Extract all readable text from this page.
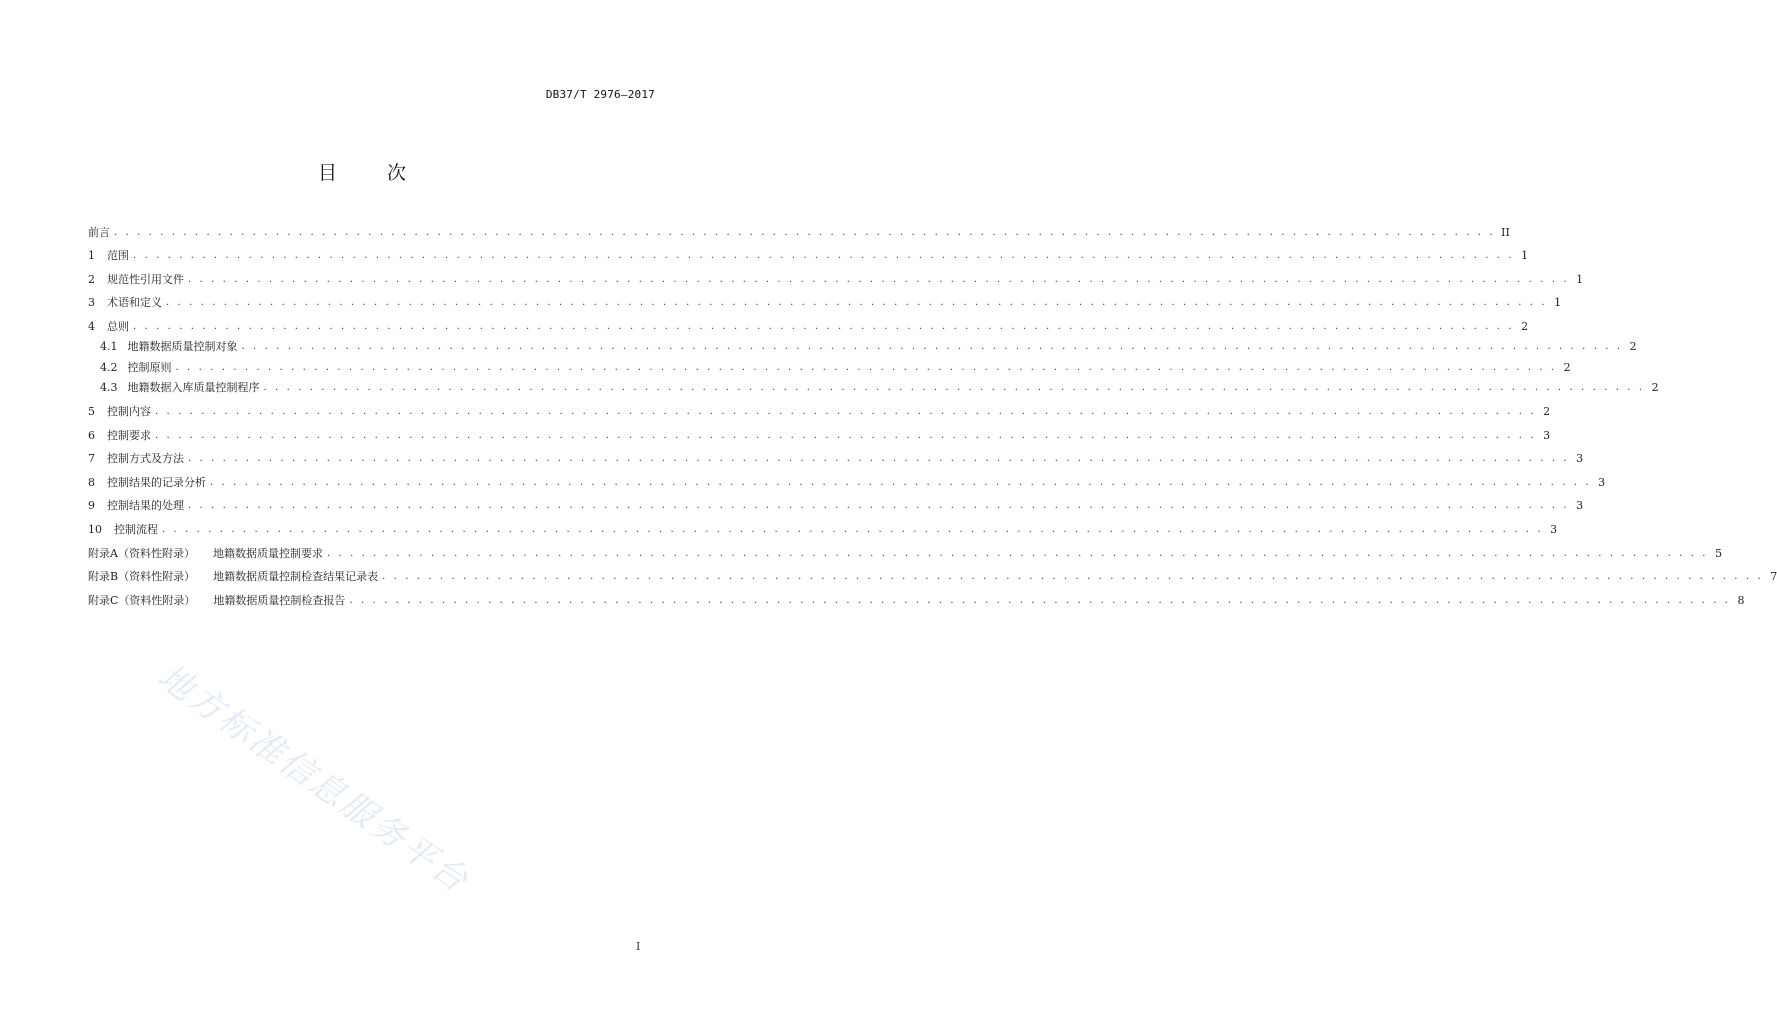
DB37/T 2976—2017
目 次
前言 . . . . . . . . . . . . . . . . . . . . . . . . . . . . . . . . . . . . . . . . . . . . . . . . . . . . . . . . . . . . . . . . . . . . . . . . . . . . . . . . . . . . . . . . . . . . . . . . . . . . . . . . . . . . . . . . . . . . . . . . II
1 范围 . . . . . . . . . . . . . . . . . . . . . . . . . . . . . . . . . . . . . . . . . . . . . . . . . . . . . . . . . . . . . . . . . . . . . . . . . . . . . . . . . . . . . . . . . . . . . . . . . . . . . . . . . . . . . . . . . . . . . . . . 1
2 规范性引用文件 . . . . . . . . . . . . . . . . . . . . . . . . . . . . . . . . . . . . . . . . . . . . . . . . . . . . . . . . . . . . . . . . . . . . . . . . . . . . . . . . . . . . . . . . . . . . . . . . . . . . . . . . . . . . . . . . . . . . . . . . 1
3 术语和定义 . . . . . . . . . . . . . . . . . . . . . . . . . . . . . . . . . . . . . . . . . . . . . . . . . . . . . . . . . . . . . . . . . . . . . . . . . . . . . . . . . . . . . . . . . . . . . . . . . . . . . . . . . . . . . . . . . . . . . . . . 1
4 总则 . . . . . . . . . . . . . . . . . . . . . . . . . . . . . . . . . . . . . . . . . . . . . . . . . . . . . . . . . . . . . . . . . . . . . . . . . . . . . . . . . . . . . . . . . . . . . . . . . . . . . . . . . . . . . . . . . . . . . . . . 2
4.1 地籍数据质量控制对象 . . . . . . . . . . . . . . . . . . . . . . . . . . . . . . . . . . . . . . . . . . . . . . . . . . . . . . . . . . . . . . . . . . . . . . . . . . . . . . . . . . . . . . . . . . . . . . . . . . . . . . . . . . . . . . . . . . . . . . . . 2
4.2 控制原则 . . . . . . . . . . . . . . . . . . . . . . . . . . . . . . . . . . . . . . . . . . . . . . . . . . . . . . . . . . . . . . . . . . . . . . . . . . . . . . . . . . . . . . . . . . . . . . . . . . . . . . . . . . . . . . . . . . . . . . . . 2
4.3 地籍数据入库质量控制程序 . . . . . . . . . . . . . . . . . . . . . . . . . . . . . . . . . . . . . . . . . . . . . . . . . . . . . . . . . . . . . . . . . . . . . . . . . . . . . . . . . . . . . . . . . . . . . . . . . . . . . . . . . . . . . . . . . . . . . . . . 2
5 控制内容 . . . . . . . . . . . . . . . . . . . . . . . . . . . . . . . . . . . . . . . . . . . . . . . . . . . . . . . . . . . . . . . . . . . . . . . . . . . . . . . . . . . . . . . . . . . . . . . . . . . . . . . . . . . . . . . . . . . . . . . . 2
6 控制要求 . . . . . . . . . . . . . . . . . . . . . . . . . . . . . . . . . . . . . . . . . . . . . . . . . . . . . . . . . . . . . . . . . . . . . . . . . . . . . . . . . . . . . . . . . . . . . . . . . . . . . . . . . . . . . . . . . . . . . . . . 3
7 控制方式及方法 . . . . . . . . . . . . . . . . . . . . . . . . . . . . . . . . . . . . . . . . . . . . . . . . . . . . . . . . . . . . . . . . . . . . . . . . . . . . . . . . . . . . . . . . . . . . . . . . . . . . . . . . . . . . . . . . . . . . . . . . 3
8 控制结果的记录分析 . . . . . . . . . . . . . . . . . . . . . . . . . . . . . . . . . . . . . . . . . . . . . . . . . . . . . . . . . . . . . . . . . . . . . . . . . . . . . . . . . . . . . . . . . . . . . . . . . . . . . . . . . . . . . . . . . . . . . . . . 3
9 控制结果的处理 . . . . . . . . . . . . . . . . . . . . . . . . . . . . . . . . . . . . . . . . . . . . . . . . . . . . . . . . . . . . . . . . . . . . . . . . . . . . . . . . . . . . . . . . . . . . . . . . . . . . . . . . . . . . . . . . . . . . . . . . 3
10 控制流程 . . . . . . . . . . . . . . . . . . . . . . . . . . . . . . . . . . . . . . . . . . . . . . . . . . . . . . . . . . . . . . . . . . . . . . . . . . . . . . . . . . . . . . . . . . . . . . . . . . . . . . . . . . . . . . . . . . . . . . . . 3
附录A（资料性附录） 地籍数据质量控制要求 . . . . . . . . . . . . . . . . . . . . . . . . . . . . . . . . . . . . . . . . . . . . . . . . . . . . . . . . . . . . . . . . . . . . . . . . . . . . . . . . . . . . . . . . . . . . . . . . . . . . . . . . . . . . . . . . . . . . . . . . 5
附录B（资料性附录） 地籍数据质量控制检查结果记录表 . . . . . . . . . . . . . . . . . . . . . . . . . . . . . . . . . . . . . . . . . . . . . . . . . . . . . . . . . . . . . . . . . . . . . . . . . . . . . . . . . . . . . . . . . . . . . . . . . . . . . . . . . . . . . . . . . . . . . . . . 7
附录C（资料性附录） 地籍数据质量控制检查报告 . . . . . . . . . . . . . . . . . . . . . . . . . . . . . . . . . . . . . . . . . . . . . . . . . . . . . . . . . . . . . . . . . . . . . . . . . . . . . . . . . . . . . . . . . . . . . . . . . . . . . . . . . . . . . . . . . . . . . . . . 8
地方标准信息服务平台
I
